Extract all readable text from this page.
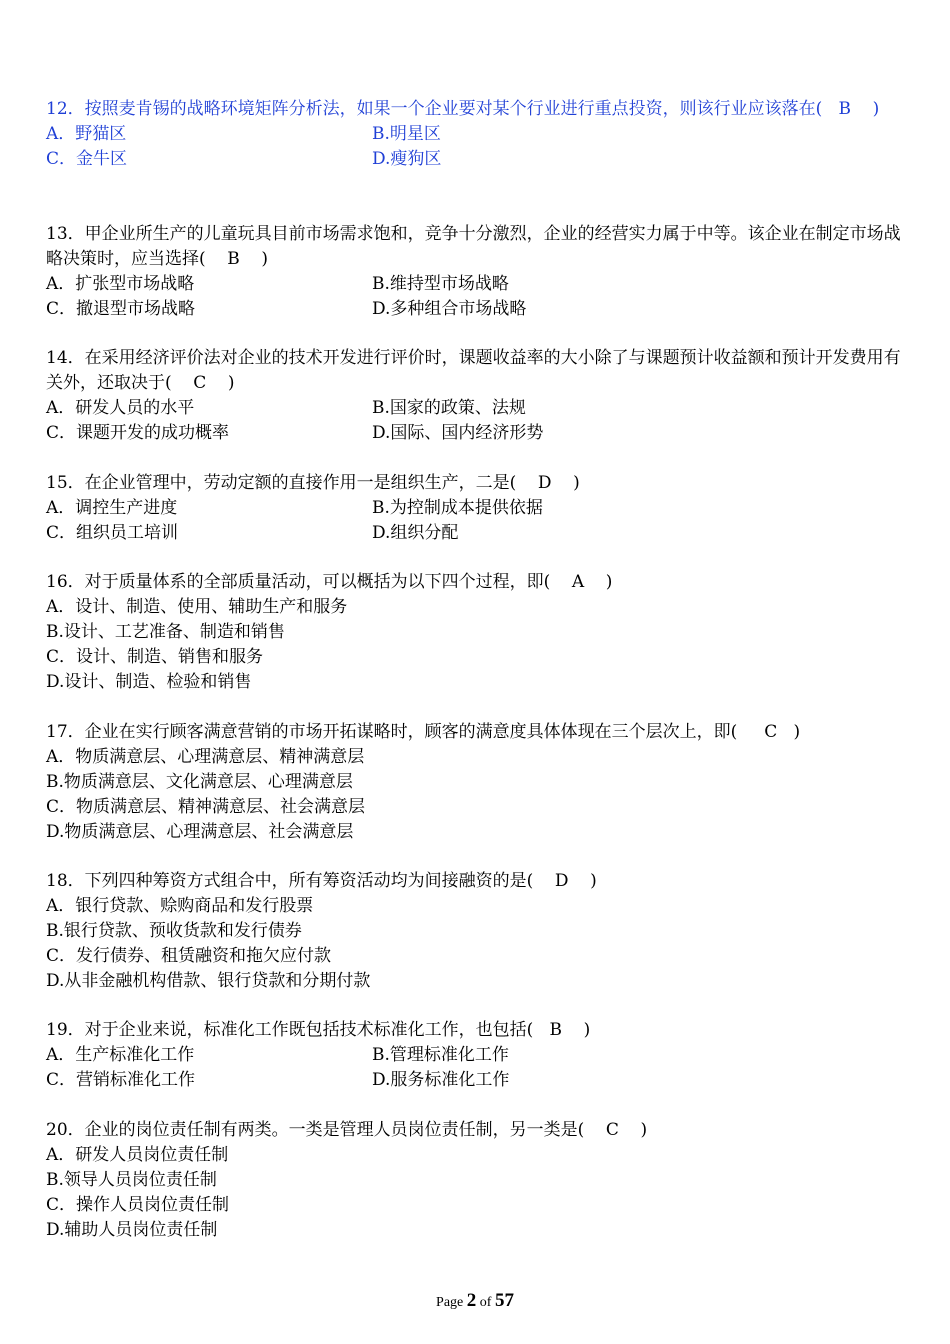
12．按照麦肯锡的战略环境矩阵分析法，如果一个企业要对某个行业进行重点投资，则该行业应该落在(   B    )
A．野猫区	B.明星区
C．金牛区	D.瘦狗区
13．甲企业所生产的儿童玩具目前市场需求饱和，竞争十分激烈，企业的经营实力属于中等。该企业在制定市场战略决策时，应当选择(    B    )
A．扩张型市场战略	B.维持型市场战略
C．撤退型市场战略	D.多种组合市场战略
14．在采用经济评价法对企业的技术开发进行评价时，课题收益率的大小除了与课题预计收益额和预计开发费用有关外，还取决于(    C    )
A．研发人员的水平	B.国家的政策、法规
C．课题开发的成功概率	D.国际、国内经济形势
15．在企业管理中，劳动定额的直接作用一是组织生产，二是(    D    )
A．调控生产进度	B.为控制成本提供依据
C．组织员工培训	D.组织分配
16．对于质量体系的全部质量活动，可以概括为以下四个过程，即(    A    )
A．设计、制造、使用、辅助生产和服务
B.设计、工艺准备、制造和销售
C．设计、制造、销售和服务
D.设计、制造、检验和销售
17．企业在实行顾客满意营销的市场开拓谋略时，顾客的满意度具体体现在三个层次上，即(     C   )
A．物质满意层、心理满意层、精神满意层
B.物质满意层、文化满意层、心理满意层
C．物质满意层、精神满意层、社会满意层
D.物质满意层、心理满意层、社会满意层
18．下列四种筹资方式组合中，所有筹资活动均为间接融资的是(    D    )
A．银行贷款、赊购商品和发行股票
B.银行贷款、预收货款和发行债券
C．发行债券、租赁融资和拖欠应付款
D.从非金融机构借款、银行贷款和分期付款
19．对于企业来说，标准化工作既包括技术标准化工作，也包括(   B    )
A．生产标准化工作	B.管理标准化工作
C．营销标准化工作	D.服务标准化工作
20．企业的岗位责任制有两类。一类是管理人员岗位责任制，另一类是(    C    )
A．研发人员岗位责任制
B.领导人员岗位责任制
C．操作人员岗位责任制
D.辅助人员岗位责任制
Page 2 of 57
